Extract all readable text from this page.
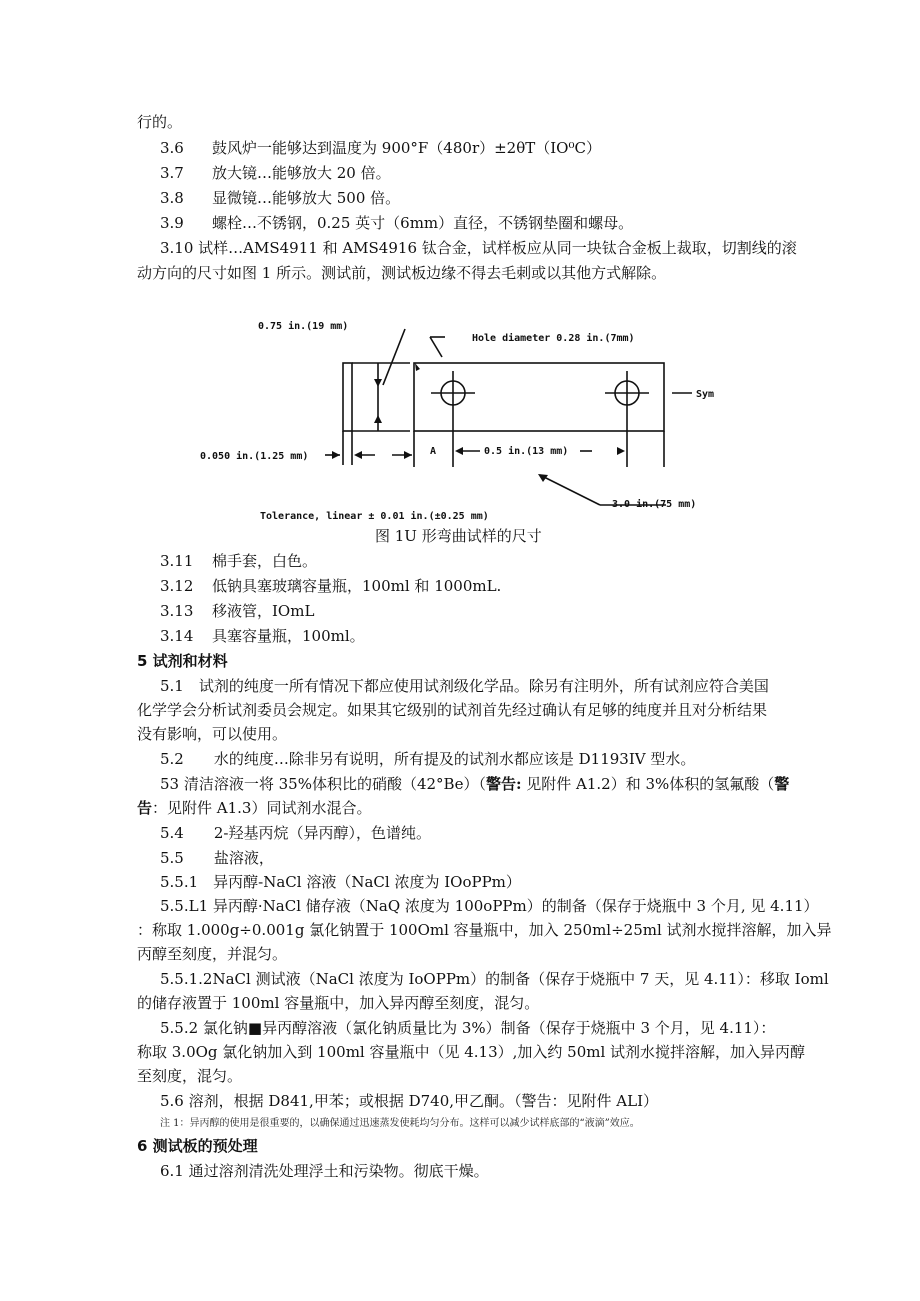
行的。
3.6 鼓风炉一能够达到温度为 900°F（480r）±2θT（IO⁰C）
3.7 放大镜…能够放大 20 倍。
3.8 显微镜…能够放大 500 倍。
3.9 螺栓…不锈钢，0.25 英寸（6mm）直径，不锈钢垫圈和螺母。
3.10 试样…AMS4911 和 AMS4916 钛合金，试样板应从同一块钛合金板上裁取，切割线的滚
动方向的尺寸如图 1 所示。测试前，测试板边缘不得去毛刺或以其他方式解除。
0.75 in.(19 mm)
Hole diameter 0.28 in.(7mm)
Sym
0.050 in.(1.25 mm)	A	0.5 in.(13 mm)
Tolerance, linear ± 0.01 in.(±0.25 mm)
3.0 in.(75 mm)
图 1U 形弯曲试样的尺寸
3.11 棉手套，白色。
3.12 低钠具塞玻璃容量瓶，100ml 和 1000mL.
3.13 移液管，IOmL
3.14 具塞容量瓶，100ml。
5 试剂和材料
5.1　试剂的纯度一所有情况下都应使用试剂级化学品。除另有注明外，所有试剂应符合美国
化学学会分析试剂委员会规定。如果其它级别的试剂首先经过确认有足够的纯度并且对分析结果
没有影响，可以使用。
5.2　　水的纯度…除非另有说明，所有提及的试剂水都应该是 D1193IV 型水。
53 清洁溶液一将 35%体积比的硝酸（42°Be）（警告: 见附件 A1.2）和 3%体积的氢氟酸（警
告：见附件 A1.3）同试剂水混合。
5.4　　2-羟基丙烷（异丙醇），色谱纯。
5.5　　盐溶液，
5.5.1　异丙醇-NaCl 溶液（NaCl 浓度为 IOoPPm）
5.5.L1 异丙醇·NaCl 储存液（NaQ 浓度为 100oPPm）的制备（保存于烧瓶中 3 个月, 见 4.11）
：称取 1.000g÷0.001g 氯化钠置于 100Oml 容量瓶中，加入 250ml÷25ml 试剂水搅拌溶解，加入异
丙醇至刻度，并混匀。
5.5.1.2NaCl 测试液（NaCl 浓度为 IoOPPm）的制备（保存于烧瓶中 7 天，见 4.11）：移取 Ioml
的储存液置于 100ml 容量瓶中，加入异丙醇至刻度，混匀。
5.5.2 氯化钠■异丙醇溶液（氯化钠质量比为 3%）制备（保存于烧瓶中 3 个月，见 4.11）：
称取 3.0Og 氯化钠加入到 100ml 容量瓶中（见 4.13）,加入约 50ml 试剂水搅拌溶解，加入异丙醇
至刻度，混匀。
5.6 溶剂，根据 D841,甲苯；或根据 D740,甲乙酮。（警告：见附件 ALI）
注 1：异丙醇的使用是很重要的，以确保通过迅速蒸发使耗均匀分布。这样可以减少试样底部的“液滴”效应。
6 测试板的预处理
6.1 通过溶剂清洗处理浮土和污染物。彻底干燥。
